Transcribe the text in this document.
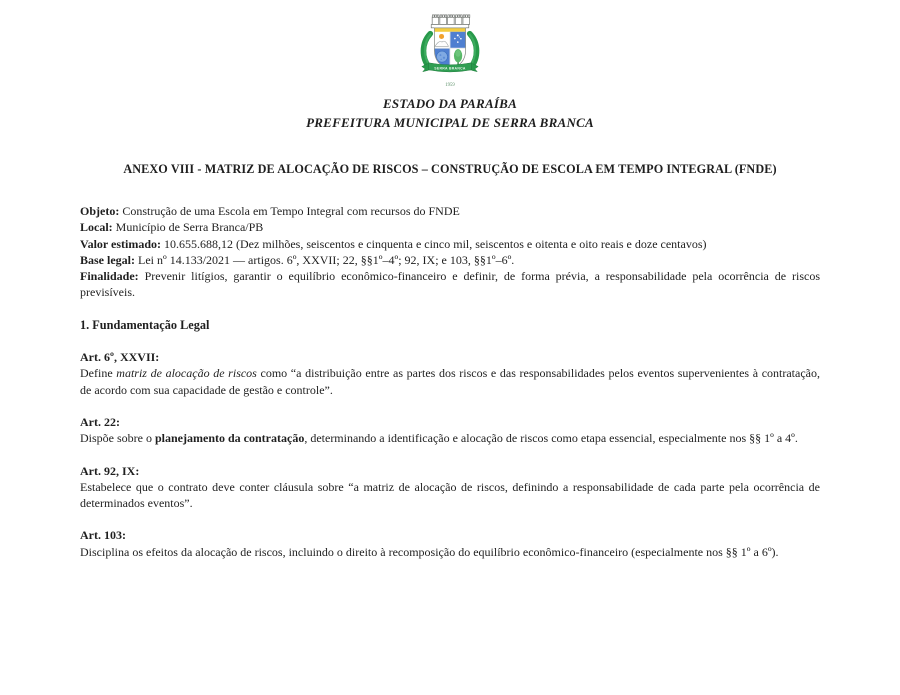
SERRA BRANCA
1959
ESTADO DA PARAÍBA
PREFEITURA MUNICIPAL DE SERRA BRANCA
ANEXO VIII - MATRIZ DE ALOCAÇÃO DE RISCOS – CONSTRUÇÃO DE ESCOLA EM TEMPO INTEGRAL (FNDE)

Objeto: Construção de uma Escola em Tempo Integral com recursos do FNDE

Local: Município de Serra Branca/PB

Valor estimado: 10.655.688,12 (Dez milhões, seiscentos e cinquenta e cinco mil, seiscentos e oitenta e oito reais e doze centavos)

Base legal: Lei nº 14.133/2021 — artigos. 6º, XXVII; 22, §§1º–4º; 92, IX; e 103, §§1º–6º.

Finalidade: Prevenir litígios, garantir o equilíbrio econômico-financeiro e definir, de forma prévia, a responsabilidade pela ocorrência de riscos previsíveis.

1. Fundamentação Legal
Art. 6º, XXVII:

Define matriz de alocação de riscos como “a distribuição entre as partes dos riscos e das responsabilidades pelos eventos supervenientes à contratação, de acordo com sua capacidade de gestão e controle”.

Art. 22:

Dispõe sobre o planejamento da contratação, determinando a identificação e alocação de riscos como etapa essencial, especialmente nos §§ 1º a 4º.

Art. 92, IX:

Estabelece que o contrato deve conter cláusula sobre “a matriz de alocação de riscos, definindo a responsabilidade de cada parte pela ocorrência de determinados eventos”.

Art. 103:

Disciplina os efeitos da alocação de riscos, incluindo o direito à recomposição do equilíbrio econômico-financeiro (especialmente nos §§ 1º a 6º).
